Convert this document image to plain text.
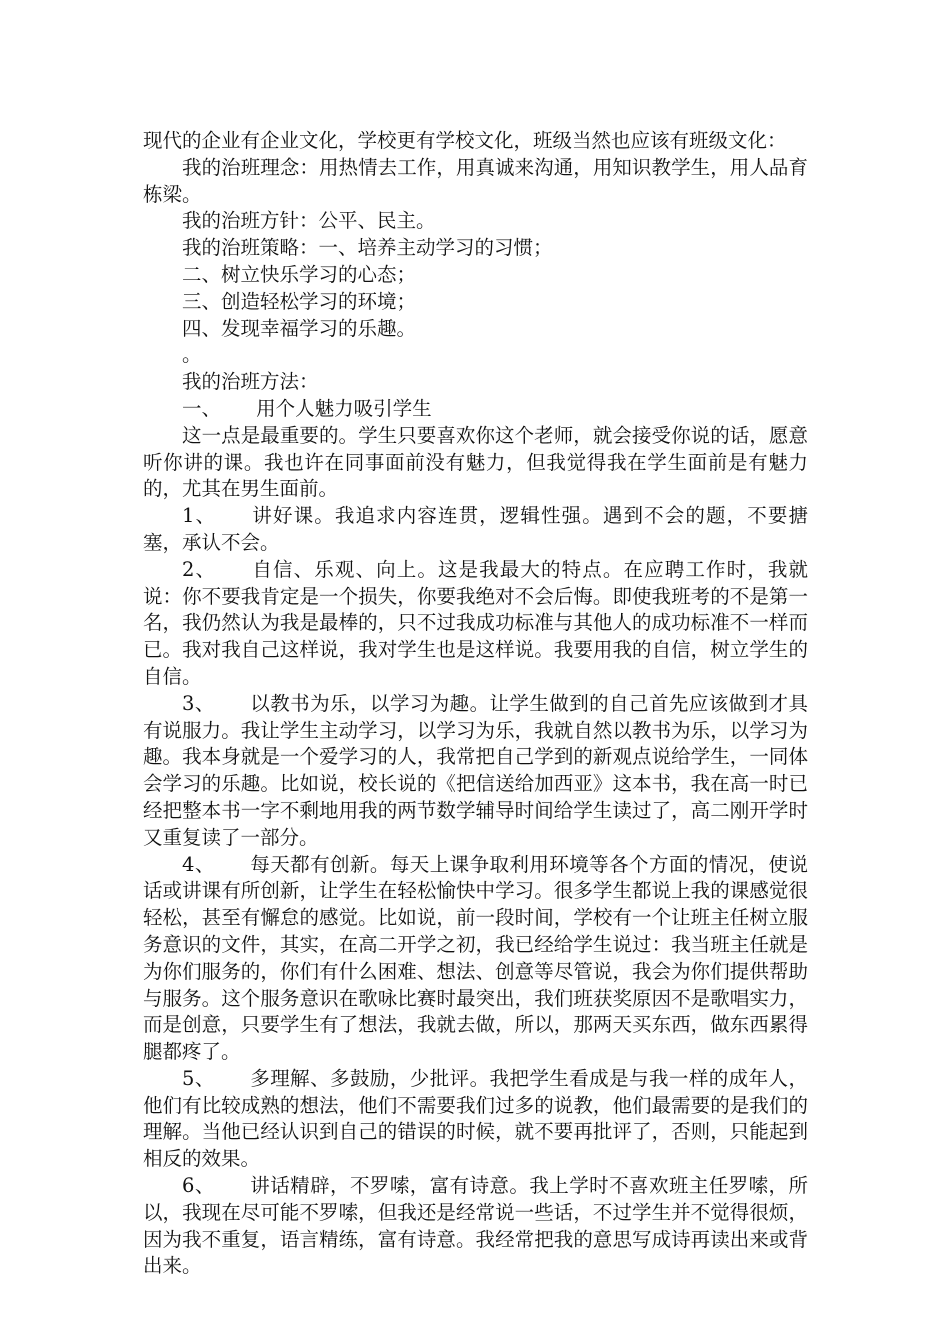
现代的企业有企业文化，学校更有学校文化，班级当然也应该有班级文化：

我的治班理念：用热情去工作，用真诚来沟通，用知识教学生，用人品育栋梁。

我的治班方针：公平、民主。

我的治班策略：一、培养主动学习的习惯；

二、树立快乐学习的心态；

三、创造轻松学习的环境；

四、发现幸福学习的乐趣。

。

我的治班方法：

一、 用个人魅力吸引学生

这一点是最重要的。学生只要喜欢你这个老师，就会接受你说的话，愿意听你讲的课。我也许在同事面前没有魅力，但我觉得我在学生面前是有魅力的，尤其在男生面前。

1、 讲好课。我追求内容连贯，逻辑性强。遇到不会的题，不要搪塞，承认不会。

2、 自信、乐观、向上。这是我最大的特点。在应聘工作时，我就说：你不要我肯定是一个损失，你要我绝对不会后悔。即使我班考的不是第一名，我仍然认为我是最棒的，只不过我成功标准与其他人的成功标准不一样而已。我对我自己这样说，我对学生也是这样说。我要用我的自信，树立学生的自信。

3、 以教书为乐，以学习为趣。让学生做到的自己首先应该做到才具有说服力。我让学生主动学习，以学习为乐，我就自然以教书为乐，以学习为趣。我本身就是一个爱学习的人，我常把自己学到的新观点说给学生，一同体会学习的乐趣。比如说，校长说的《把信送给加西亚》这本书，我在高一时已经把整本书一字不剩地用我的两节数学辅导时间给学生读过了，高二刚开学时又重复读了一部分。

4、 每天都有创新。每天上课争取利用环境等各个方面的情况，使说话或讲课有所创新，让学生在轻松愉快中学习。很多学生都说上我的课感觉很轻松，甚至有懈怠的感觉。比如说，前一段时间，学校有一个让班主任树立服务意识的文件，其实，在高二开学之初，我已经给学生说过：我当班主任就是为你们服务的，你们有什么困难、想法、创意等尽管说，我会为你们提供帮助与服务。这个服务意识在歌咏比赛时最突出，我们班获奖原因不是歌唱实力，而是创意，只要学生有了想法，我就去做，所以，那两天买东西，做东西累得腿都疼了。

5、 多理解、多鼓励，少批评。我把学生看成是与我一样的成年人，他们有比较成熟的想法，他们不需要我们过多的说教，他们最需要的是我们的理解。当他已经认识到自己的错误的时候，就不要再批评了，否则，只能起到相反的效果。

6、 讲话精辟，不罗嗦，富有诗意。我上学时不喜欢班主任罗嗦，所以，我现在尽可能不罗嗦，但我还是经常说一些话，不过学生并不觉得很烦，因为我不重复，语言精练，富有诗意。我经常把我的意思写成诗再读出来或背出来。
